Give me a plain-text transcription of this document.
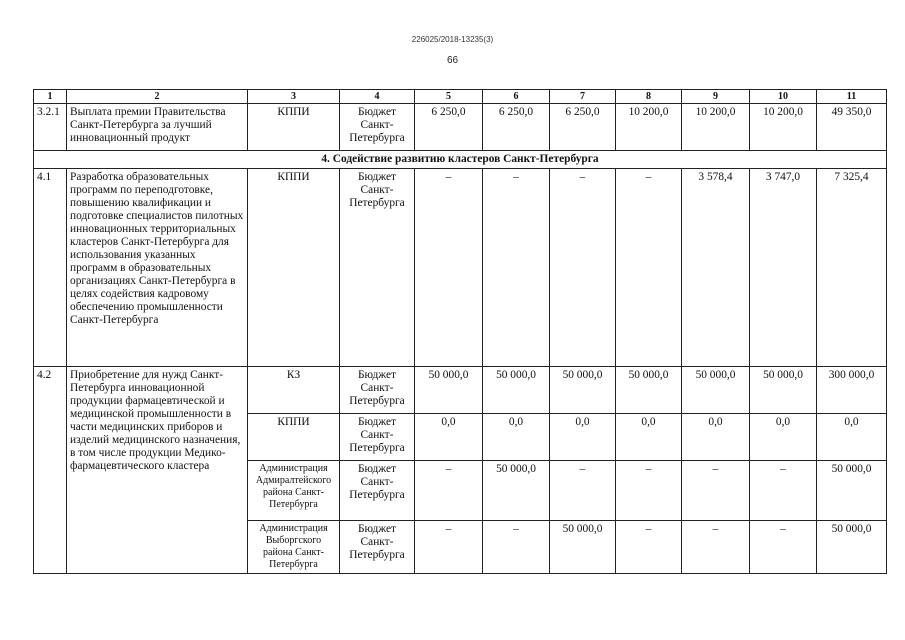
226025/2018-13235(3)
66
1	2	3	4	5	6	7	8	9	10	11
3.2.1	Выплата премии Правительства Санкт-Петербурга за лучший инновационный продукт	КППИ	Бюджет Санкт-Петербурга	6 250,0	6 250,0	6 250,0	10 200,0	10 200,0	10 200,0	49 350,0
4. Содействие развитию кластеров Санкт-Петербурга										
4.1	Разработка образовательных программ по переподготовке, повышению квалификации и подготовке специалистов пилотных инновационных территориальных кластеров Санкт-Петербурга для использования указанных программ в образовательных организациях Санкт-Петербурга в целях содействия кадровому обеспечению промышленности Санкт-Петербурга	КППИ	Бюджет Санкт-Петербурга	–	–	–	–	3 578,4	3 747,0	7 325,4
4.2	Приобретение для нужд Санкт-Петербурга инновационной продукции фармацевтической и медицинской промышленности в части медицинских приборов и изделий медицинского назначения, в том числе продукции Медико-фармацевтического кластера	КЗ	Бюджет Санкт-Петербурга	50 000,0	50 000,0	50 000,0	50 000,0	50 000,0	50 000,0	300 000,0
		КППИ	Бюджет Санкт-Петербурга	0,0	0,0	0,0	0,0	0,0	0,0	0,0
		Администрация Адмиралтейского района Санкт-Петербурга	Бюджет Санкт-Петербурга	–	50 000,0	–	–	–	–	50 000,0
		Администрация Выборгского района Санкт-Петербурга	Бюджет Санкт-Петербурга	–	–	50 000,0	–	–	–	50 000,0
